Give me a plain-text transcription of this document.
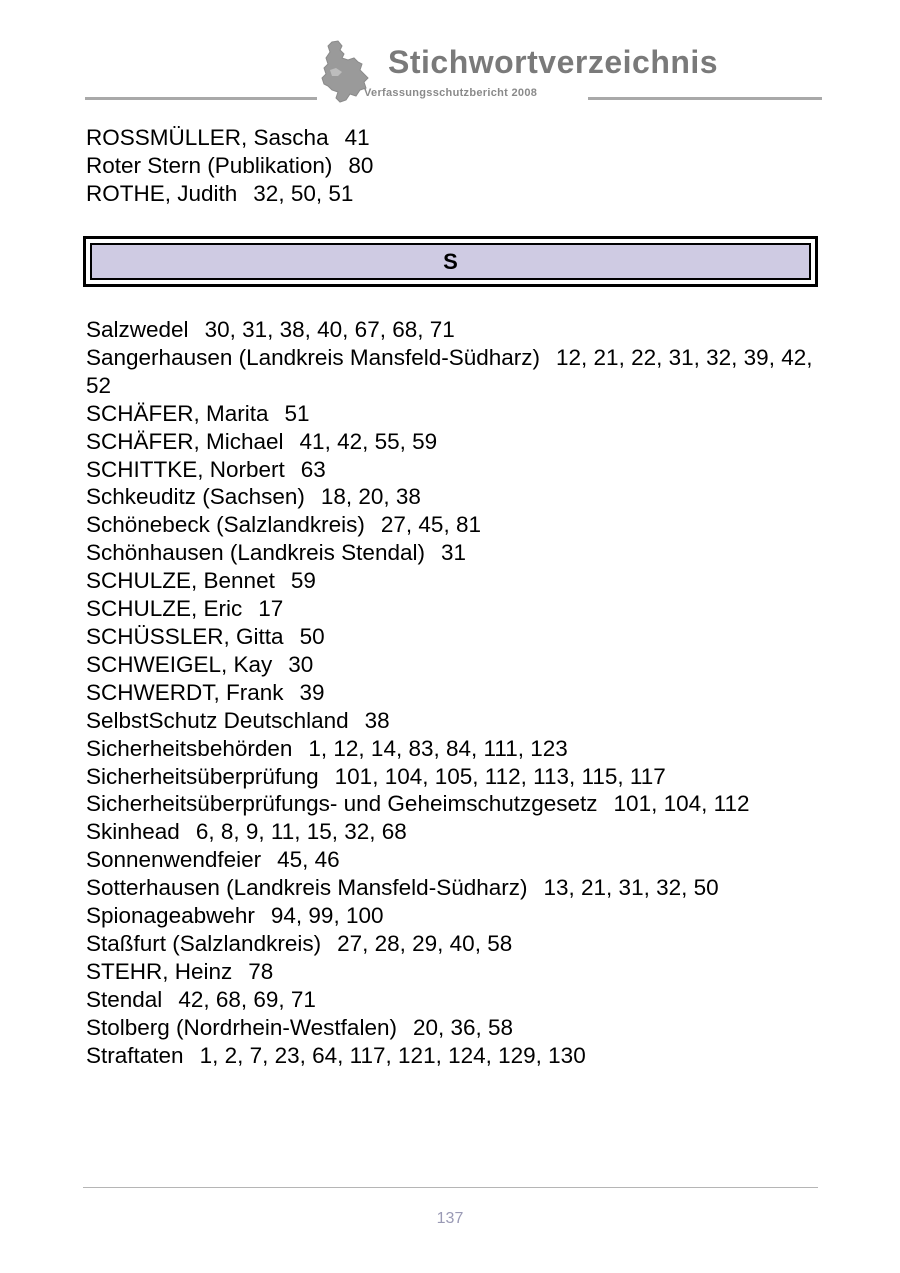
Stichwortverzeichnis
Verfassungsschutzbericht 2008

ROSSMÜLLER, Sascha 41

Roter Stern (Publikation) 80

ROTHE, Judith 32, 50, 51

S

Salzwedel 30, 31, 38, 40, 67, 68, 71

Sangerhausen (Landkreis Mansfeld-Südharz) 12, 21, 22, 31, 32, 39, 42, 52

SCHÄFER, Marita 51

SCHÄFER, Michael 41, 42, 55, 59

SCHITTKE, Norbert 63

Schkeuditz (Sachsen) 18, 20, 38

Schönebeck (Salzlandkreis) 27, 45, 81

Schönhausen (Landkreis Stendal) 31

SCHULZE, Bennet 59

SCHULZE, Eric 17

SCHÜSSLER, Gitta 50

SCHWEIGEL, Kay 30

SCHWERDT, Frank 39

SelbstSchutz Deutschland 38

Sicherheitsbehörden 1, 12, 14, 83, 84, 111, 123

Sicherheitsüberprüfung 101, 104, 105, 112, 113, 115, 117

Sicherheitsüberprüfungs- und Geheimschutzgesetz 101, 104, 112

Skinhead 6, 8, 9, 11, 15, 32, 68

Sonnenwendfeier 45, 46

Sotterhausen (Landkreis Mansfeld-Südharz) 13, 21, 31, 32, 50

Spionageabwehr 94, 99, 100

Staßfurt (Salzlandkreis) 27, 28, 29, 40, 58

STEHR, Heinz 78

Stendal 42, 68, 69, 71

Stolberg (Nordrhein-Westfalen) 20, 36, 58

Straftaten 1, 2, 7, 23, 64, 117, 121, 124, 129, 130

137
